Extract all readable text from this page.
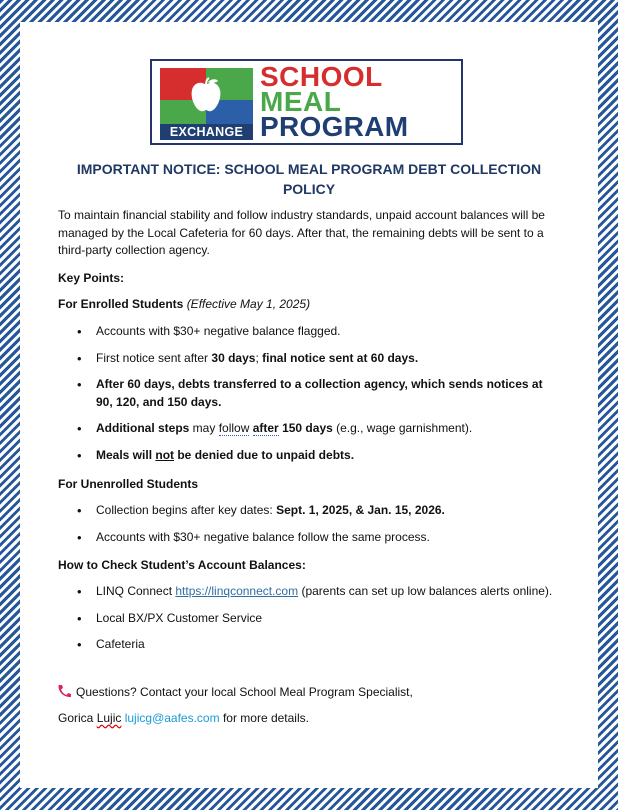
EXCHANGE
SCHOOL
MEAL
PROGRAM
IMPORTANT NOTICE: SCHOOL MEAL PROGRAM DEBT COLLECTION POLICY

To maintain financial stability and follow industry standards, unpaid account balances will be managed by the Local Cafeteria for 60 days. After that, the remaining debts will be sent to a third-party collection agency.

Key Points:

For Enrolled Students (Effective May 1, 2025)

• Accounts with $30+ negative balance flagged.
• First notice sent after 30 days; final notice sent at 60 days.
• After 60 days, debts transferred to a collection agency, which sends notices at 90, 120, and 150 days.
• Additional steps may follow after 150 days (e.g., wage garnishment).
• Meals will not be denied due to unpaid debts.

For Unenrolled Students

• Collection begins after key dates: Sept. 1, 2025, & Jan. 15, 2026.
• Accounts with $30+ negative balance follow the same process.

How to Check Student’s Account Balances:

• LINQ Connect https://linqconnect.com (parents can set up low balances alerts online).
• Local BX/PX Customer Service
• Cafeteria

Questions? Contact your local School Meal Program Specialist,

Gorica Lujic lujicg@aafes.com for more details.
